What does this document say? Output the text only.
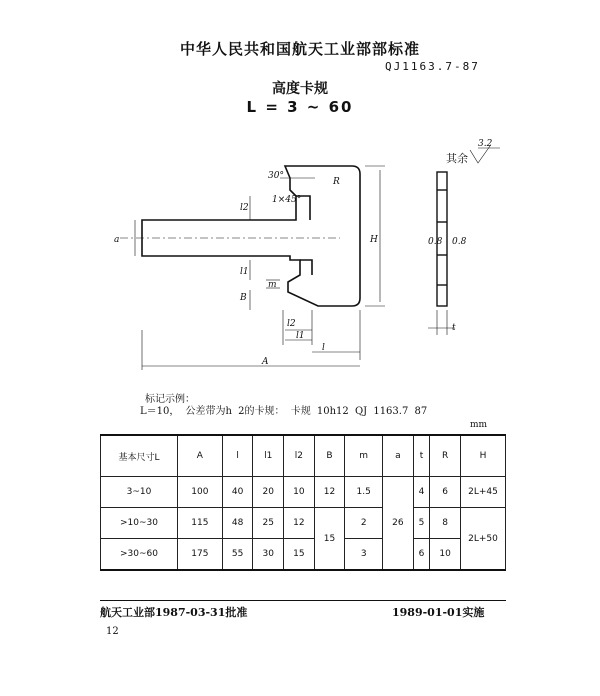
中华人民共和国航天工业部部标准
QJ1163.7-87
高度卡规
L = 3 ~ 60
其余
3.2
30°
R
1×45°
l2
a	H
l1
m
B
l2
l1
l
A
0.8 0.8
t
标记示例：
L＝10， 公差带为h 2的卡规： 卡规 10h12 QJ 1163.7 87
mm
基本尺寸L	A	l	l1	l2	B	m	a	t	R	H
3~10	100	40	20	10	12	1.5	26	4	6	2L+45
>10~30	115	48	25	12	15	2		5	8	2L+50
>30~60	175	55	30	15		3		6	10	
航天工业部1987-03-31批准	1989-01-01实施
12
